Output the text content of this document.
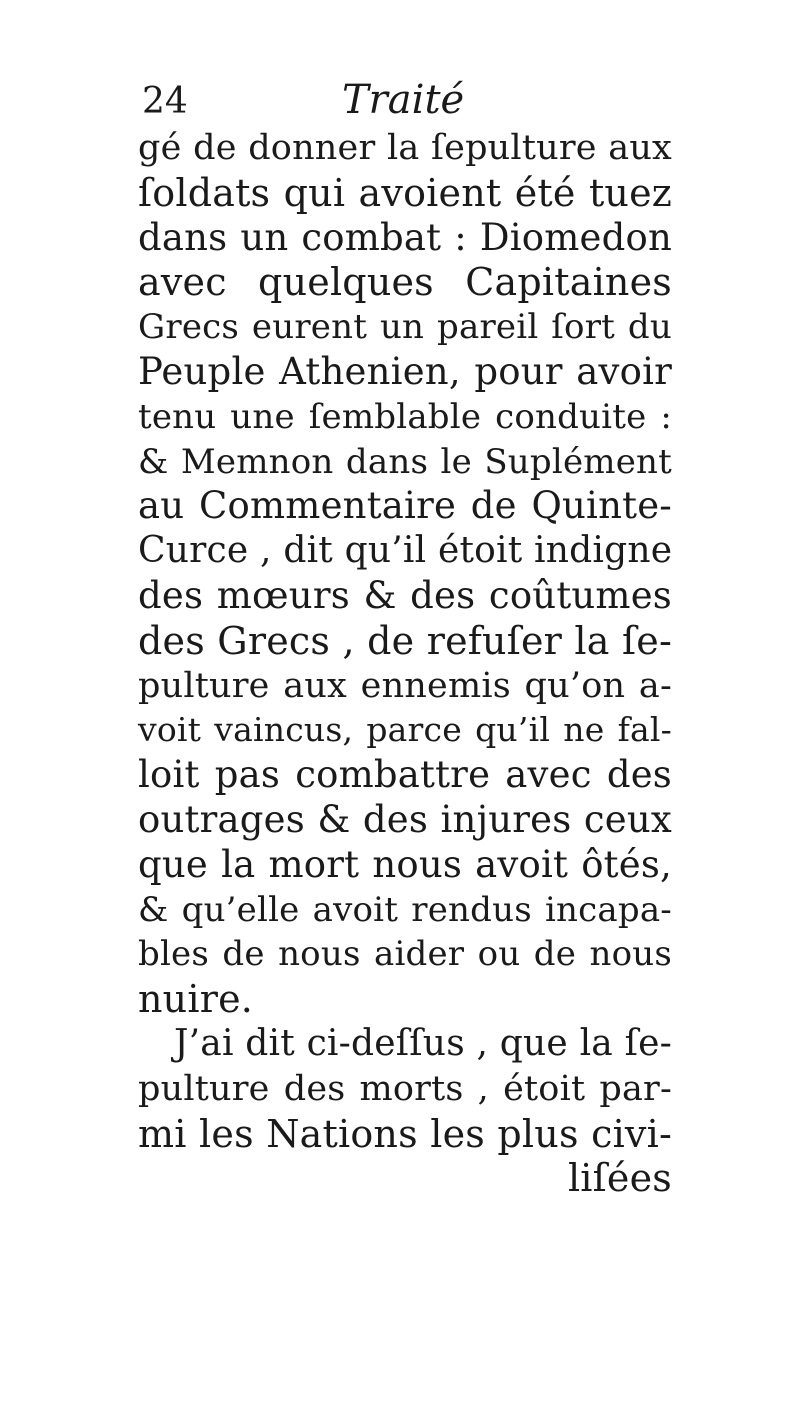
24	Traité
gé de donner la ſepulture aux
ſoldats qui avoient été tuez
dans un combat : Diomedon
avec quelques Capitaines
Grecs eurent un pareil ſort du
Peuple Athenien, pour avoir
tenu une ſemblable conduite :
& Memnon dans le Suplément
au Commentaire de Quinte-
Curce , dit qu’il étoit indigne
des mœurs & des coûtumes
des Grecs , de refuſer la ſe-
pulture aux ennemis qu’on a-
voit vaincus, parce qu’il ne fal-
loit pas combattre avec des
outrages & des injures ceux
que la mort nous avoit ôtés,
& qu’elle avoit rendus incapa-
bles de nous aider ou de nous
nuire.
J’ai dit ci-deſſus , que la ſe-
pulture des morts , étoit par-
mi les Nations les plus civi-
liſées
